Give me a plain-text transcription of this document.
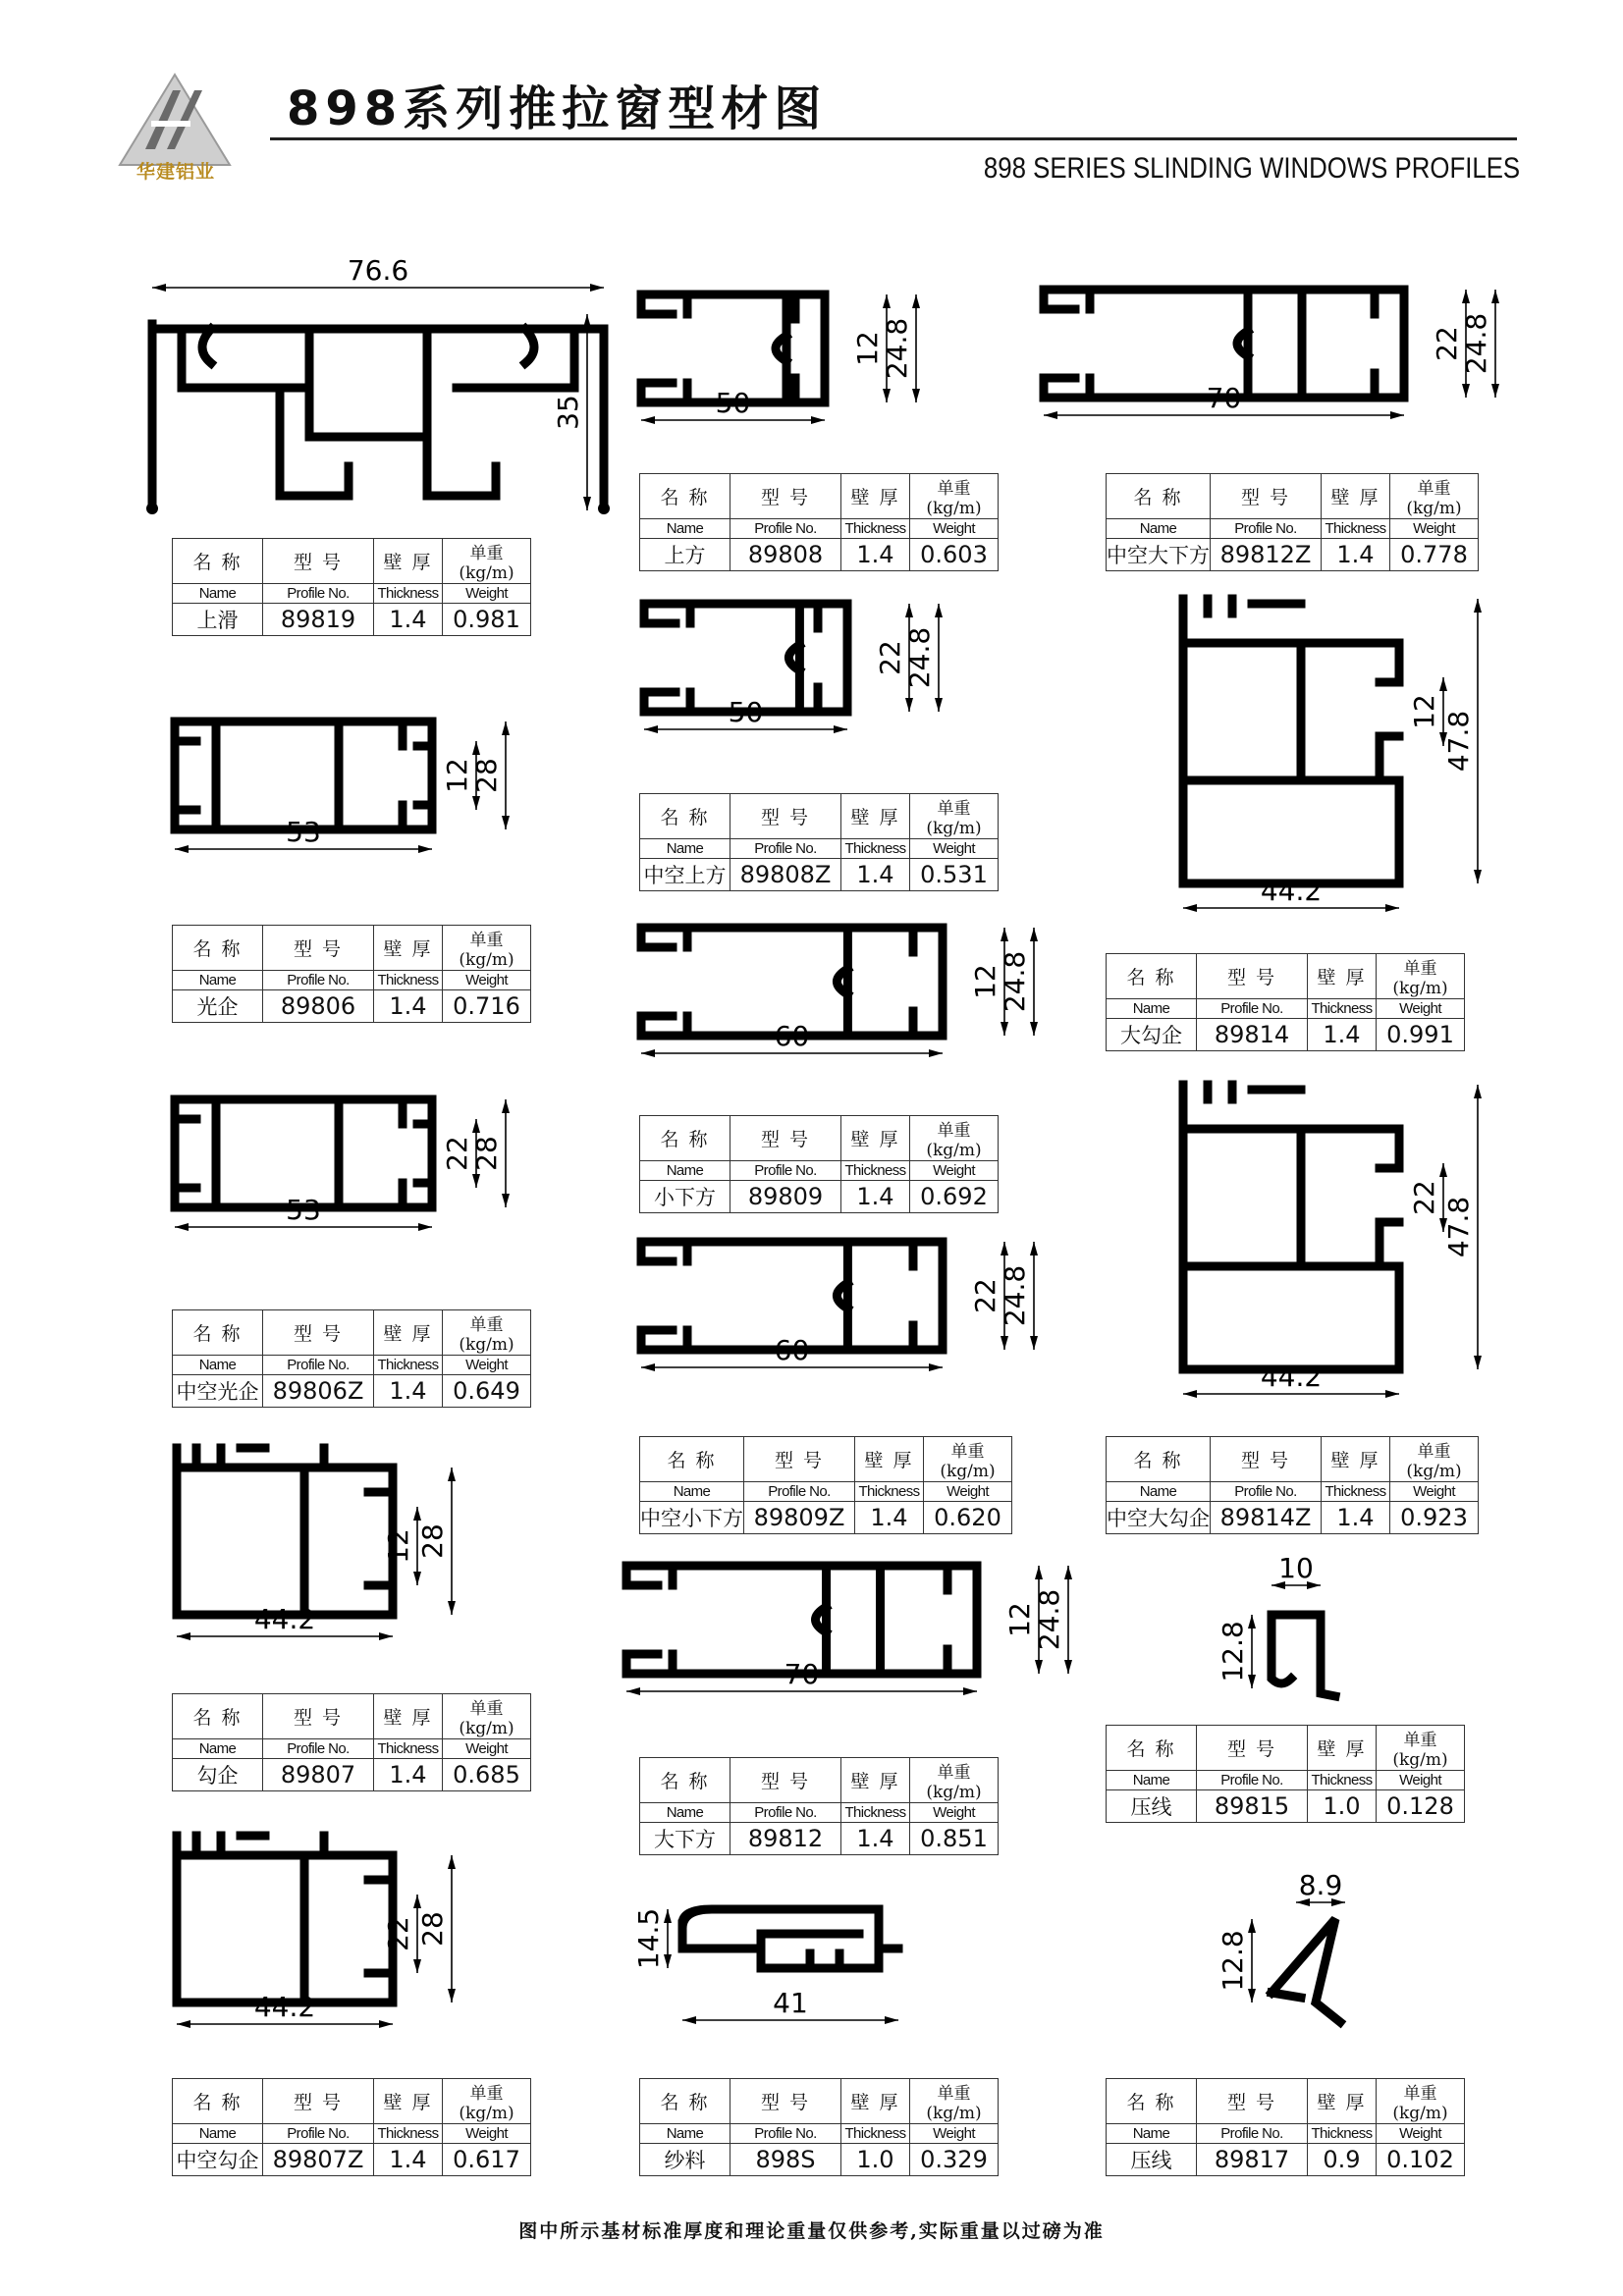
华建铝业
898系列推拉窗型材图
898 SERIES SLINDING WINDOWS PROFILES
76.6
35
名 称	型 号	壁 厚	单重(kg/m)
Name	Profile No.	Thickness	Weight
上滑	89819	1.4	0.981
50
12
24.8
名 称	型 号	壁 厚	单重(kg/m)
Name	Profile No.	Thickness	Weight
上方	89808	1.4	0.603
70
22
24.8
名 称	型 号	壁 厚	单重(kg/m)
Name	Profile No.	Thickness	Weight
中空大下方	89812Z	1.4	0.778
50
22
24.8
名 称	型 号	壁 厚	单重(kg/m)
Name	Profile No.	Thickness	Weight
中空上方	89808Z	1.4	0.531
53
12
28
名 称	型 号	壁 厚	单重(kg/m)
Name	Profile No.	Thickness	Weight
光企	89806	1.4	0.716
44.2
12 47.8
名 称	型 号	壁 厚	单重(kg/m)
Name	Profile No.	Thickness	Weight
大勾企	89814	1.4	0.991
60
12
24.8
名 称	型 号	壁 厚	单重(kg/m)
Name	Profile No.	Thickness	Weight
小下方	89809	1.4	0.692
53
22
28
名 称	型 号	壁 厚	单重(kg/m)
Name	Profile No.	Thickness	Weight
中空光企	89806Z	1.4	0.649
60
22
24.8
名 称	型 号	壁 厚	单重(kg/m)
Name	Profile No.	Thickness	Weight
中空小下方	89809Z	1.4	0.620
44.2
22 47.8
名 称	型 号	壁 厚	单重(kg/m)
Name	Profile No.	Thickness	Weight
中空大勾企	89814Z	1.4	0.923
44.2
12 28
名 称	型 号	壁 厚	单重(kg/m)
Name	Profile No.	Thickness	Weight
勾企	89807	1.4	0.685
70
12
24.8
名 称	型 号	壁 厚	单重(kg/m)
Name	Profile No.	Thickness	Weight
大下方	89812	1.4	0.851
10
12.8
名 称	型 号	壁 厚	单重(kg/m)
Name	Profile No.	Thickness	Weight
压线	89815	1.0	0.128
44.2
22 28
名 称	型 号	壁 厚	单重(kg/m)
Name	Profile No.	Thickness	Weight
中空勾企	89807Z	1.4	0.617
14.5
41
名 称	型 号	壁 厚	单重(kg/m)
Name	Profile No.	Thickness	Weight
纱料	898S	1.0	0.329
8.9
12.8
名 称	型 号	壁 厚	单重(kg/m)
Name	Profile No.	Thickness	Weight
压线	89817	0.9	0.102
图中所示基材标准厚度和理论重量仅供参考,实际重量以过磅为准
